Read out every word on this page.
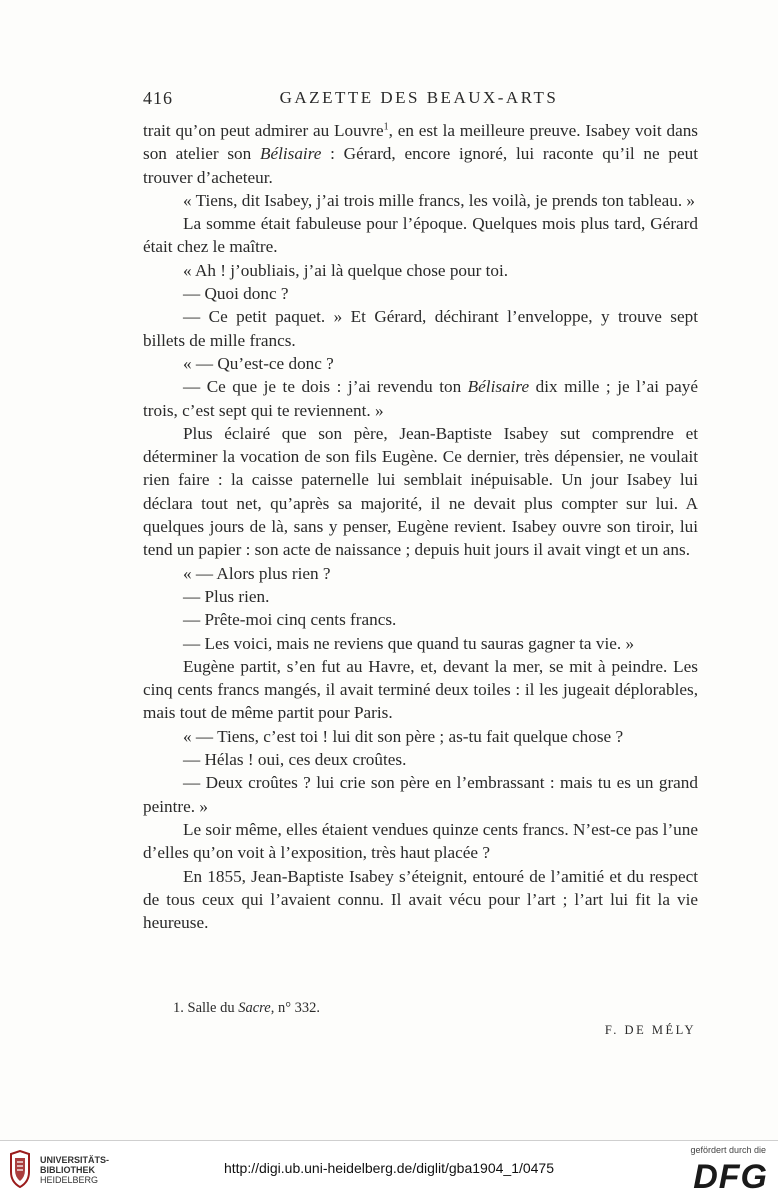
416	GAZETTE DES BEAUX-ARTS

trait qu’on peut admirer au Louvre$^1$, en est la meilleure preuve. Isabey voit dans son atelier son Bélisaire : Gérard, encore ignoré, lui raconte qu’il ne peut trouver d’acheteur.

« Tiens, dit Isabey, j’ai trois mille francs, les voilà, je prends ton tableau. »

La somme était fabuleuse pour l’époque. Quelques mois plus tard, Gérard était chez le maître.

« Ah ! j’oubliais, j’ai là quelque chose pour toi.

— Quoi donc ?

— Ce petit paquet. » Et Gérard, déchirant l’enveloppe, y trouve sept billets de mille francs.

« — Qu’est-ce donc ?

— Ce que je te dois : j’ai revendu ton Bélisaire dix mille ; je l’ai payé trois, c’est sept qui te reviennent. »

Plus éclairé que son père, Jean-Baptiste Isabey sut comprendre et déterminer la vocation de son fils Eugène. Ce dernier, très dépensier, ne voulait rien faire : la caisse paternelle lui semblait inépuisable. Un jour Isabey lui déclara tout net, qu’après sa majorité, il ne devait plus compter sur lui. A quelques jours de là, sans y penser, Eugène revient. Isabey ouvre son tiroir, lui tend un papier : son acte de naissance ; depuis huit jours il avait vingt et un ans.

« — Alors plus rien ?

— Plus rien.

— Prête-moi cinq cents francs.

— Les voici, mais ne reviens que quand tu sauras gagner ta vie. »

Eugène partit, s’en fut au Havre, et, devant la mer, se mit à peindre. Les cinq cents francs mangés, il avait terminé deux toiles : il les jugeait déplorables, mais tout de même partit pour Paris.

« — Tiens, c’est toi ! lui dit son père ; as-tu fait quelque chose ?

— Hélas ! oui, ces deux croûtes.

— Deux croûtes ? lui crie son père en l’embrassant : mais tu es un grand peintre. »

Le soir même, elles étaient vendues quinze cents francs. N’est-ce pas l’une d’elles qu’on voit à l’exposition, très haut placée ?

En 1855, Jean-Baptiste Isabey s’éteignit, entouré de l’amitié et du respect de tous ceux qui l’avaient connu. Il avait vécu pour l’art ; l’art lui fit la vie heureuse.

1. Salle du Sacre, n° 332.
F. DE MÉLY
UNIVERSITÄTS-
BIBLIOTHEK
HEIDELBERG
http://digi.ub.uni-heidelberg.de/diglit/gba1904_1/0475
gefördert durch die
DFG
